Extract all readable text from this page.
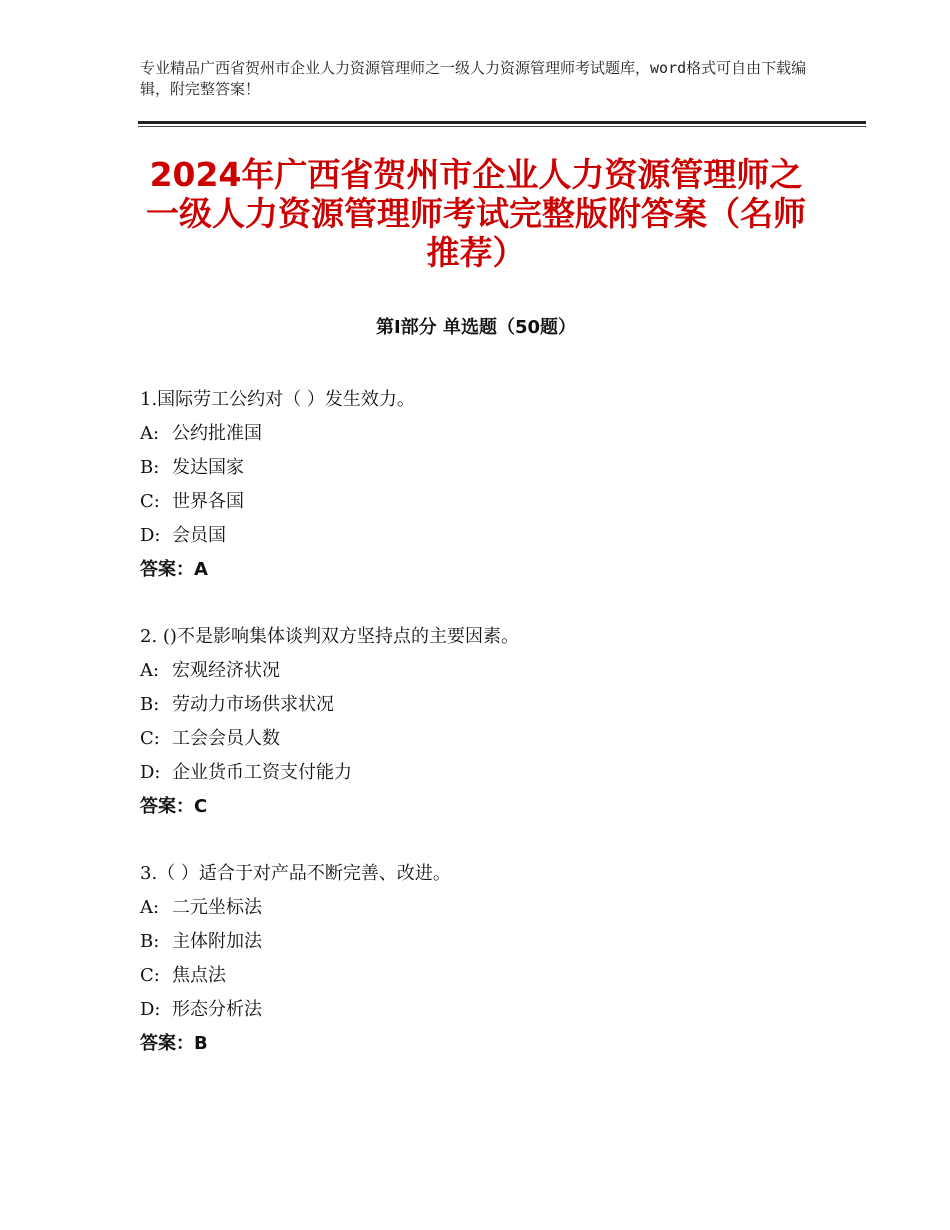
专业精品广西省贺州市企业人力资源管理师之一级人力资源管理师考试题库，word格式可自由下载编辑，附完整答案！
2024年广西省贺州市企业人力资源管理师之一级人力资源管理师考试完整版附答案（名师推荐）
第Ⅰ部分 单选题（50题）
1.国际劳工公约对（ ）发生效力。
A: 公约批准国
B: 发达国家
C: 世界各国
D: 会员国
答案：A
2. ()不是影响集体谈判双方坚持点的主要因素。
A: 宏观经济状况
B: 劳动力市场供求状况
C: 工会会员人数
D: 企业货币工资支付能力
答案：C
3.（ ）适合于对产品不断完善、改进。
A: 二元坐标法
B: 主体附加法
C: 焦点法
D: 形态分析法
答案：B
